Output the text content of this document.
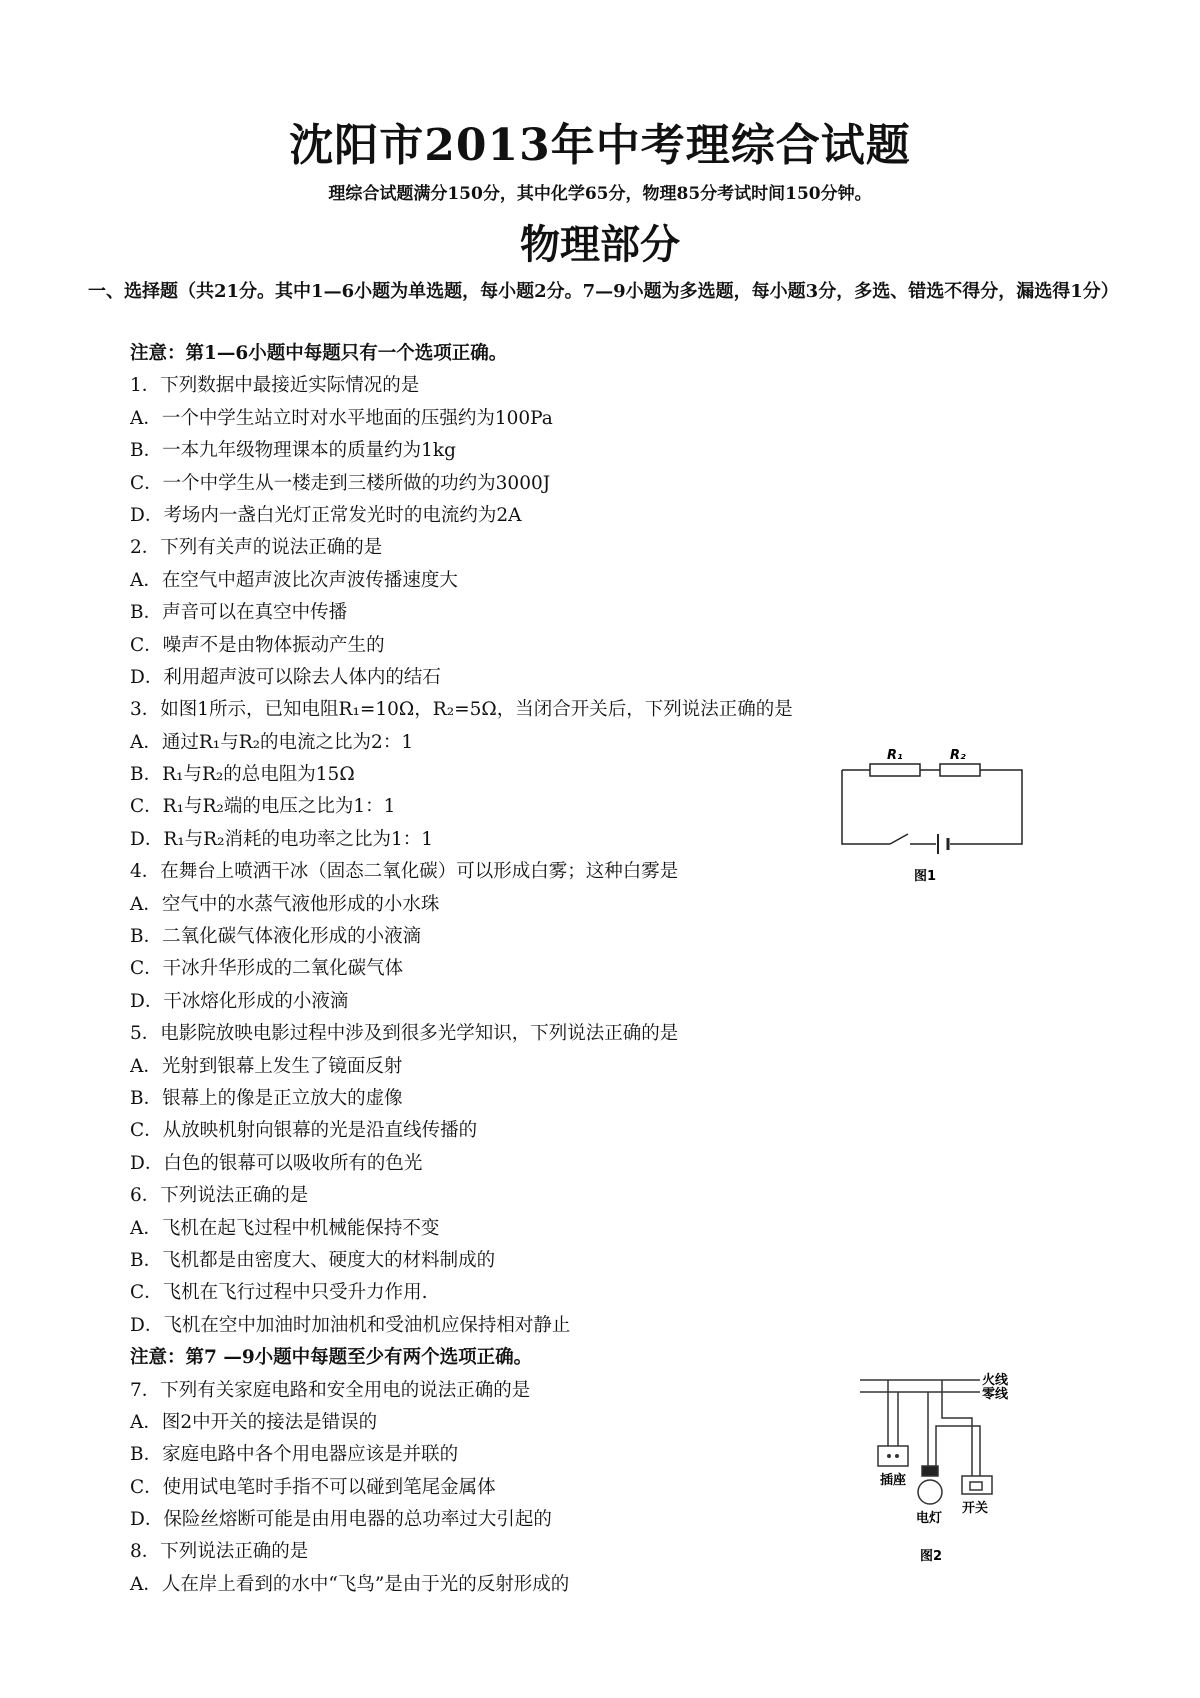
沈阳市2013年中考理综合试题
理综合试题满分150分，其中化学65分，物理85分考试时间150分钟。
物理部分
一、选择题（共21分。其中1—6小题为单选题，每小题2分。7—9小题为多选题，每小题3分，多选、错选不得分，漏选得1分）
注意：第1—6小题中每题只有一个选项正确。
1．下列数据中最接近实际情况的是
A．一个中学生站立时对水平地面的压强约为100Pa
B．一本九年级物理课本的质量约为1kg
C．一个中学生从一楼走到三楼所做的功约为3000J
D．考场内一盏白光灯正常发光时的电流约为2A
2．下列有关声的说法正确的是
A．在空气中超声波比次声波传播速度大
B．声音可以在真空中传播
C．噪声不是由物体振动产生的
D．利用超声波可以除去人体内的结石
3．如图1所示，已知电阻R₁=10Ω，R₂=5Ω，当闭合开关后，下列说法正确的是
A．通过R₁与R₂的电流之比为2：1
B．R₁与R₂的总电阻为15Ω
C．R₁与R₂端的电压之比为1：1
D．R₁与R₂消耗的电功率之比为1：1
4．在舞台上喷洒干冰（固态二氧化碳）可以形成白雾；这种白雾是
A．空气中的水蒸气液他形成的小水珠
B．二氧化碳气体液化形成的小液滴
C．干冰升华形成的二氧化碳气体
D．干冰熔化形成的小液滴
5．电影院放映电影过程中涉及到很多光学知识，下列说法正确的是
A．光射到银幕上发生了镜面反射
B．银幕上的像是正立放大的虚像
C．从放映机射向银幕的光是沿直线传播的
D．白色的银幕可以吸收所有的色光
6．下列说法正确的是
A．飞机在起飞过程中机械能保持不变
B．飞机都是由密度大、硬度大的材料制成的
C．飞机在飞行过程中只受升力作用.
D．飞机在空中加油时加油机和受油机应保持相对静止
注意：第7 —9小题中每题至少有两个选项正确。
7．下列有关家庭电路和安全用电的说法正确的是
A．图2中开关的接法是错误的
B．家庭电路中各个用电器应该是并联的
C．使用试电笔时手指不可以碰到笔尾金属体
D．保险丝熔断可能是由用电器的总功率过大引起的
8．下列说法正确的是
A．人在岸上看到的水中“飞鸟”是由于光的反射形成的
R₁	R₂
图1
火线
零线
插座
电灯
开关
图2
